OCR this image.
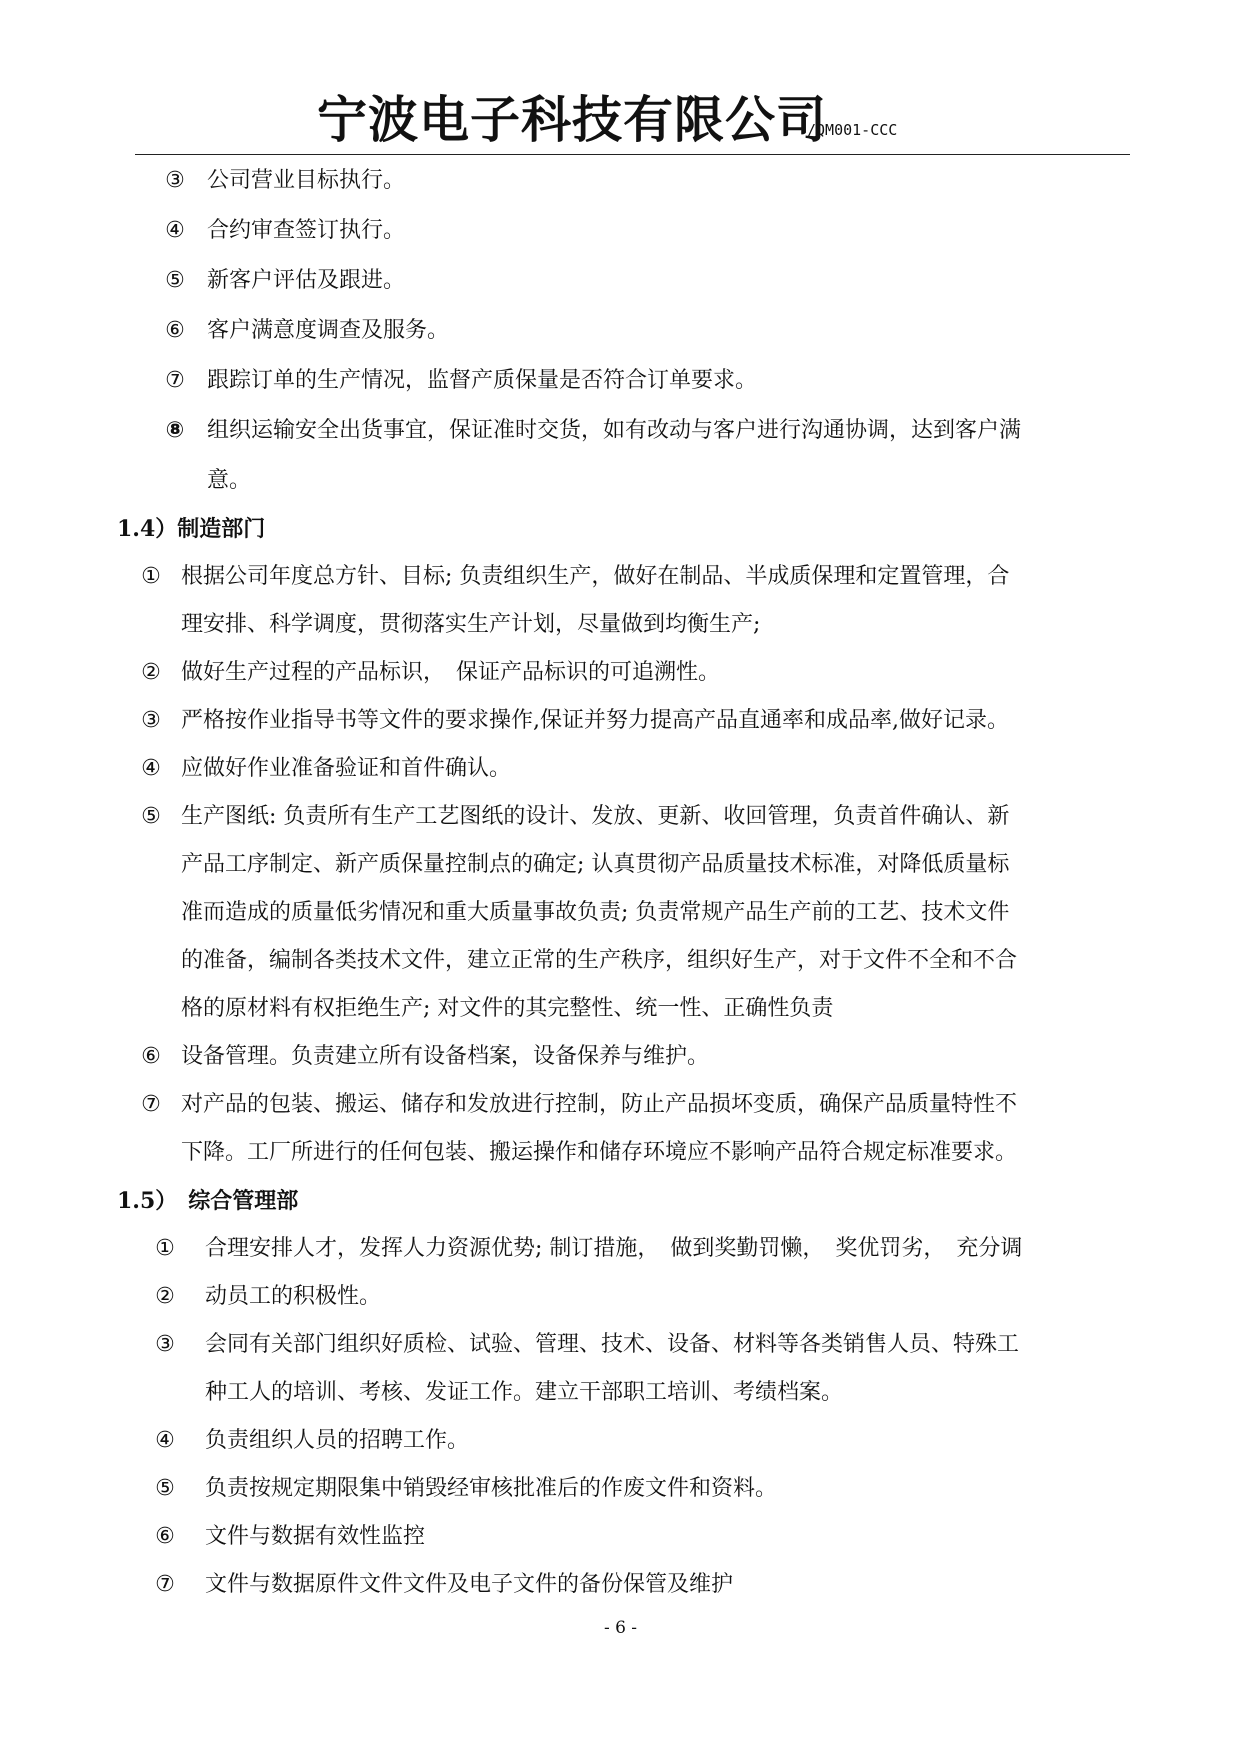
宁波电子科技有限公司
/QM001-CCC
③ 公司营业目标执行。
④ 合约审查签订执行。
⑤ 新客户评估及跟进。
⑥ 客户满意度调查及服务。
⑦ 跟踪订单的生产情况，监督产质保量是否符合订单要求。
⑧ 组织运输安全出货事宜，保证准时交货，如有改动与客户进行沟通协调，达到客户满
意。
1.4）制造部门
① 根据公司年度总方针、目标; 负责组织生产，做好在制品、半成质保理和定置管理，合
理安排、科学调度，贯彻落实生产计划，尽量做到均衡生产;
② 做好生产过程的产品标识，　保证产品标识的可追溯性。
③ 严格按作业指导书等文件的要求操作,保证并努力提高产品直通率和成品率,做好记录。
④ 应做好作业准备验证和首件确认。
⑤ 生产图纸: 负责所有生产工艺图纸的设计、发放、更新、收回管理，负责首件确认、新
产品工序制定、新产质保量控制点的确定; 认真贯彻产品质量技术标准，对降低质量标
准而造成的质量低劣情况和重大质量事故负责; 负责常规产品生产前的工艺、技术文件
的准备，编制各类技术文件，建立正常的生产秩序，组织好生产，对于文件不全和不合
格的原材料有权拒绝生产; 对文件的其完整性、统一性、正确性负责
⑥ 设备管理。负责建立所有设备档案，设备保养与维护。
⑦ 对产品的包装、搬运、储存和发放进行控制，防止产品损坏变质，确保产品质量特性不
下降。工厂所进行的任何包装、搬运操作和储存环境应不影响产品符合规定标准要求。
1.5）　综合管理部
① 合理安排人才，发挥人力资源优势; 制订措施，　做到奖勤罚懒，　奖优罚劣，　充分调
② 动员工的积极性。
③ 会同有关部门组织好质检、试验、管理、技术、设备、材料等各类销售人员、特殊工
种工人的培训、考核、发证工作。建立干部职工培训、考绩档案。
④ 负责组织人员的招聘工作。
⑤ 负责按规定期限集中销毁经审核批准后的作废文件和资料。
⑥ 文件与数据有效性监控
⑦ 文件与数据原件文件文件及电子文件的备份保管及维护
- 6 -
